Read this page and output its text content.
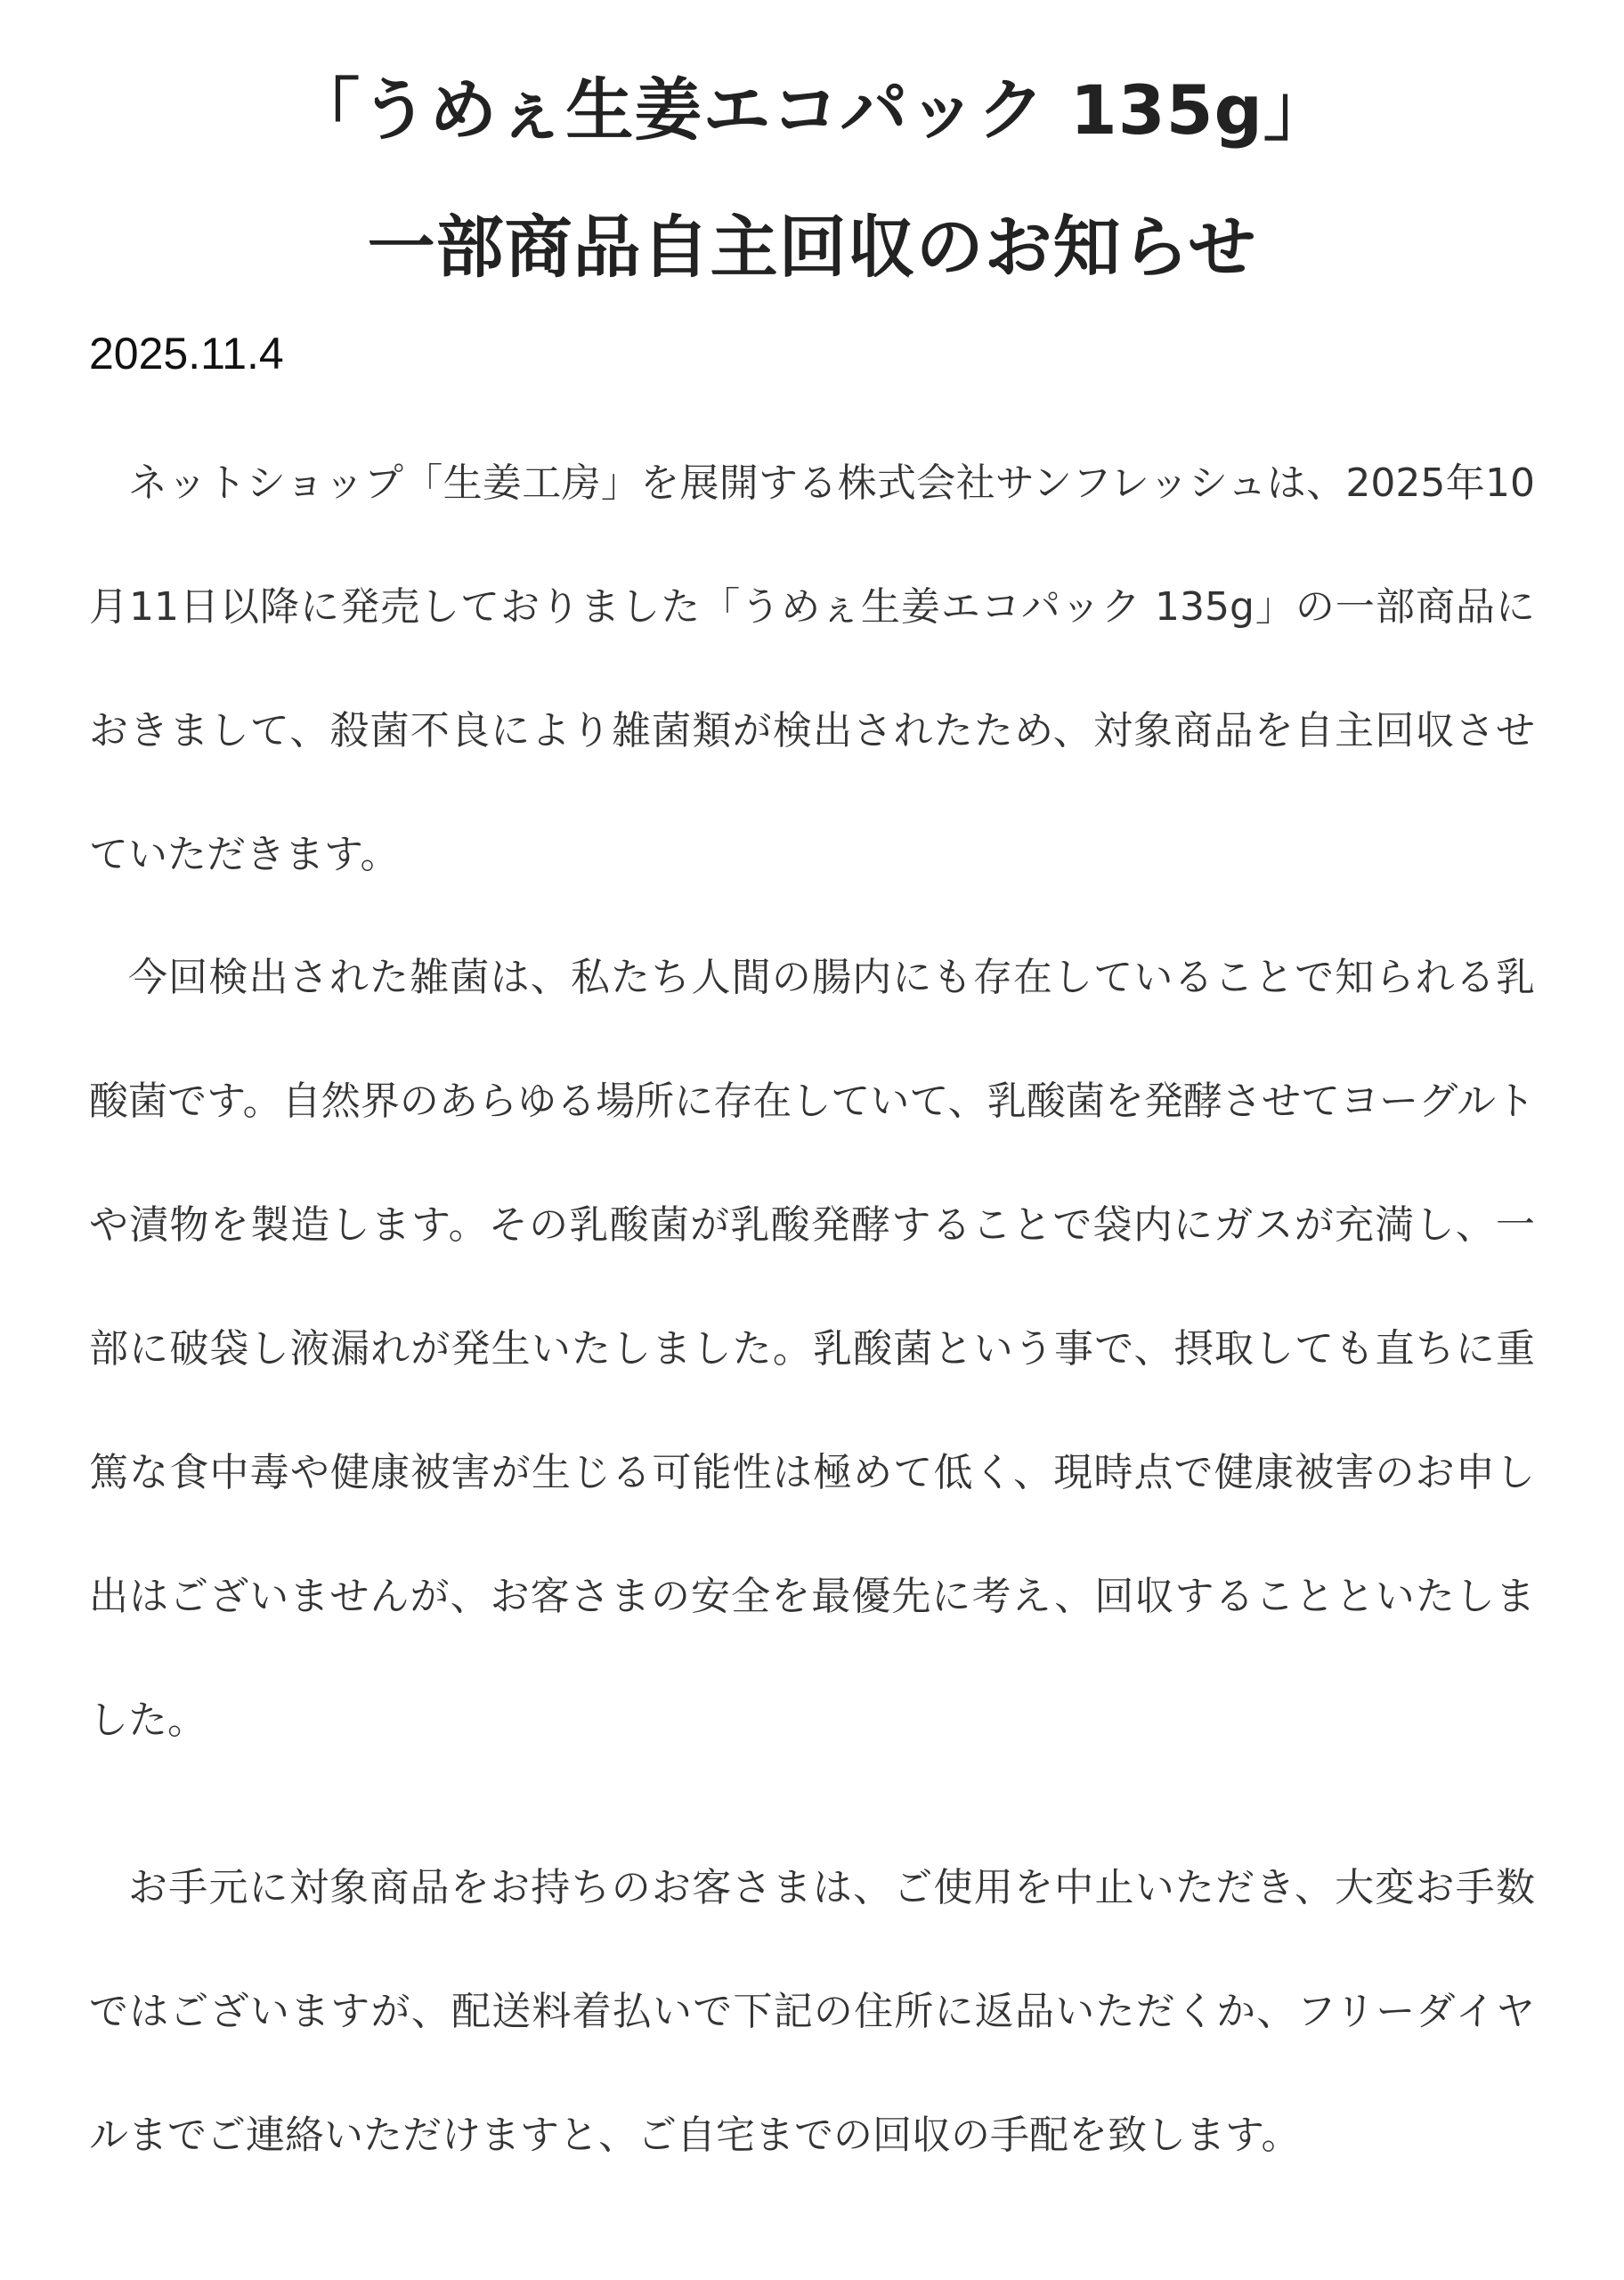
「うめぇ生姜エコパック 135g」
一部商品自主回収のお知らせ
2025.11.4

ネットショップ「生姜工房」を展開する株式会社サンフレッシュは、2025年10月11日以降に発売しておりました「うめぇ生姜エコパック 135g」の一部商品におきまして、殺菌不良により雑菌類が検出されたため、対象商品を自主回収させていただきます。

今回検出された雑菌は、私たち人間の腸内にも存在していることで知られる乳酸菌です。自然界のあらゆる場所に存在していて、乳酸菌を発酵させてヨーグルトや漬物を製造します。その乳酸菌が乳酸発酵することで袋内にガスが充満し、一部に破袋し液漏れが発生いたしました。乳酸菌という事で、摂取しても直ちに重篤な食中毒や健康被害が生じる可能性は極めて低く、現時点で健康被害のお申し出はございませんが、お客さまの安全を最優先に考え、回収することといたしました。

お手元に対象商品をお持ちのお客さまは、ご使用を中止いただき、大変お手数ではございますが、配送料着払いで下記の住所に返品いただくか、フリーダイヤルまでご連絡いただけますと、ご自宅までの回収の手配を致します。
